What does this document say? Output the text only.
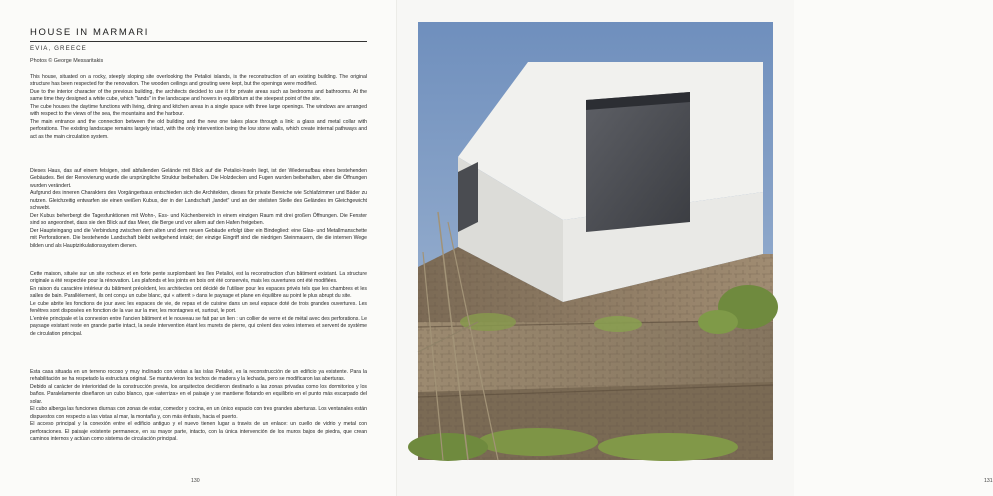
HOUSE IN MARMARI
EVIA, GREECE
Photos © George Messaritakis

This house, situated on a rocky, steeply sloping site overlooking the Petalioi islands, is the reconstruction of an existing building. The original structure has been respected for the renovation. The wooden ceilings and grouting were kept, but the openings were modified.

Due to the interior character of the previous building, the architects decided to use it for private areas such as bedrooms and bathrooms. At the same time they designed a white cube, which "lands" in the landscape and hovers in equilibrium at the steepest point of the site.

The cube houses the daytime functions with living, dining and kitchen areas in a single space with three large openings. The windows are arranged with respect to the views of the sea, the mountains and the harbour.

The main entrance and the connection between the old building and the new one takes place through a link: a glass and metal collar with perforations. The existing landscape remains largely intact, with the only intervention being the low stone walls, which create internal pathways and act as the main circulation system.

Dieses Haus, das auf einem felsigen, steil abfallenden Gelände mit Blick auf die Petalioi-Inseln liegt, ist der Wiederaufbau eines bestehenden Gebäudes. Bei der Renovierung wurde die ursprüngliche Struktur beibehalten. Die Holzdecken und Fugen wurden beibehalten, aber die Öffnungen wurden verändert.

Aufgrund des inneren Charakters des Vorgängerbaus entschieden sich die Architekten, dieses für private Bereiche wie Schlafzimmer und Bäder zu nutzen. Gleichzeitig entwarfen sie einen weißen Kubus, der in der Landschaft „landet" und an der steilsten Stelle des Geländes im Gleichgewicht schwebt.

Der Kubus beherbergt die Tagesfunktionen mit Wohn-, Ess- und Küchenbereich in einem einzigen Raum mit drei großen Öffnungen. Die Fenster sind so angeordnet, dass sie den Blick auf das Meer, die Berge und vor allem auf den Hafen freigeben.

Der Haupteingang und die Verbindung zwischen dem alten und dem neuen Gebäude erfolgt über ein Bindeglied: eine Glas- und Metallmanschette mit Perforationen. Die bestehende Landschaft bleibt weitgehend intakt; der einzige Eingriff sind die niedrigen Steinmauern, die die internen Wege bilden und als Hauptzirkulationssystem dienen.

Cette maison, située sur un site rocheux et en forte pente surplombant les îles Petalioi, est la reconstruction d'un bâtiment existant. La structure originale a été respectée pour la rénovation. Les plafonds et les joints en bois ont été conservés, mais les ouvertures ont été modifiées.

En raison du caractère intérieur du bâtiment précédent, les architectes ont décidé de l'utiliser pour les espaces privés tels que les chambres et les salles de bain. Parallèlement, ils ont conçu un cube blanc, qui « atterrit » dans le paysage et plane en équilibre au point le plus abrupt du site.

Le cube abrite les fonctions de jour avec les espaces de vie, de repas et de cuisine dans un seul espace doté de trois grandes ouvertures. Les fenêtres sont disposées en fonction de la vue sur la mer, les montagnes et, surtout, le port.

L'entrée principale et la connexion entre l'ancien bâtiment et le nouveau se fait par un lien : un collier de verre et de métal avec des perforations. Le paysage existant reste en grande partie intact, la seule intervention étant les murets de pierre, qui créent des voies internes et servent de système de circulation principal.

Esta casa situada en un terreno rocoso y muy inclinado con vistas a las islas Petalioi, es la reconstrucción de un edificio ya existente. Para la rehabilitación se ha respetado la estructura original. Se mantuvieron los techos de madera y la lechada, pero se modificaron las aberturas.

Debido al carácter de interioridad de la construcción previa, los arquitectos decidieron destinarlo a las zonas privadas como los dormitorios y los baños. Paralelamente diseñaron un cubo blanco, que «aterriza» en el paisaje y se mantiene flotando en equilibrio en el punto más escarpado del solar.

El cubo alberga las funciones diurnas con zonas de estar, comedor y cocina, en un único espacio con tres grandes aberturas. Los ventanales están dispuestos con respecto a las vistas al mar, la montaña y, con más énfasis, hacia el puerto.

El acceso principal y la conexión entre el edificio antiguo y el nuevo tienen lugar a través de un enlace: un cuello de vidrio y metal con perforaciones. El paisaje existente permanece, en su mayor parte, intacto, con la única intervención de los muros bajos de piedra, que crean caminos internos y actúan como sistema de circulación principal.

130	131
